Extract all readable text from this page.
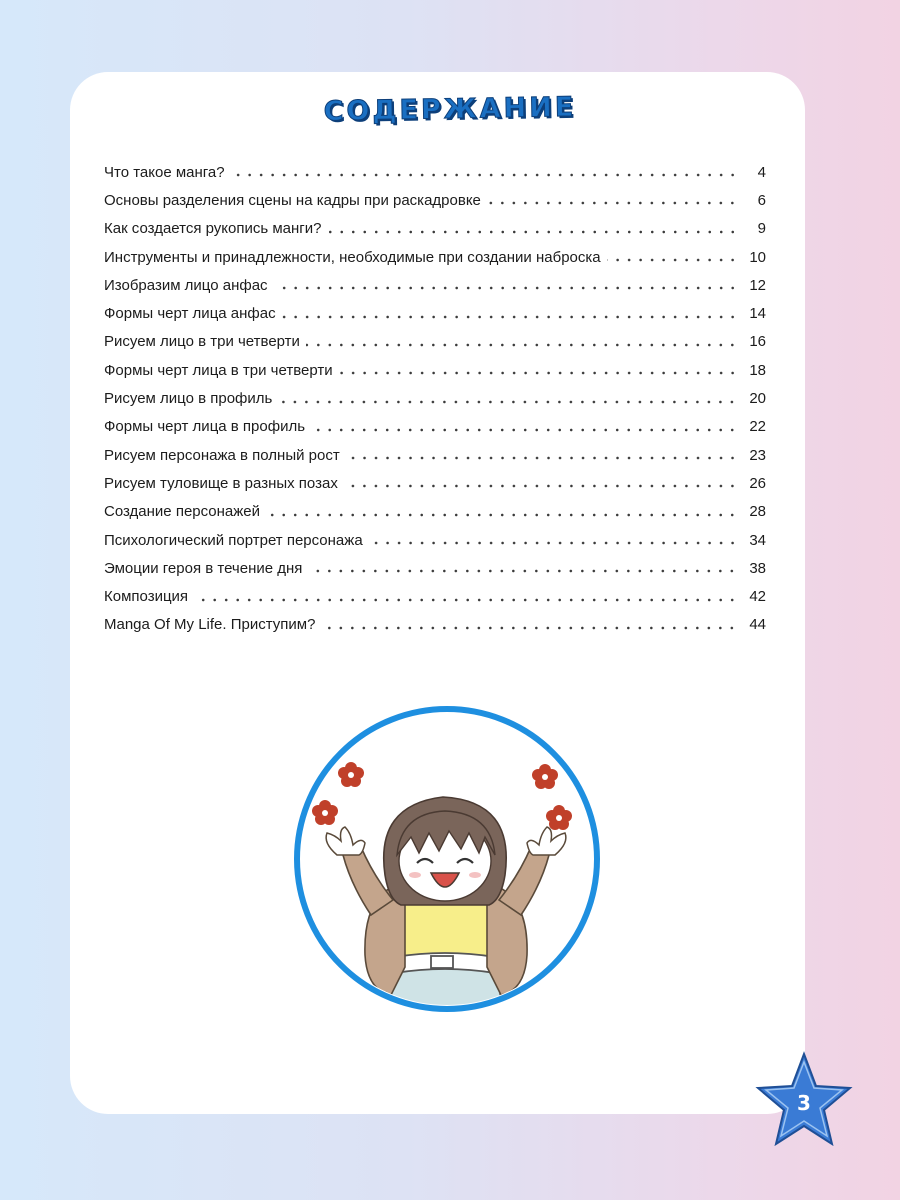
СОДЕРЖАНИЕ
Что такое манга?	4
Основы разделения сцены на кадры при раскадровке	6
Как создается рукопись манги?	9
Инструменты и принадлежности, необходимые при создании наброска	10
Изобразим лицо анфас	12
Формы черт лица анфас	14
Рисуем лицо в три четверти	16
Формы черт лица в три четверти	18
Рисуем лицо в профиль	20
Формы черт лица в профиль	22
Рисуем персонажа в полный рост	23
Рисуем туловище в разных позах	26
Создание персонажей	28
Психологический портрет персонажа	34
Эмоции героя в течение дня	38
Композиция	42
Manga Of My Life. Приступим?	44
3
